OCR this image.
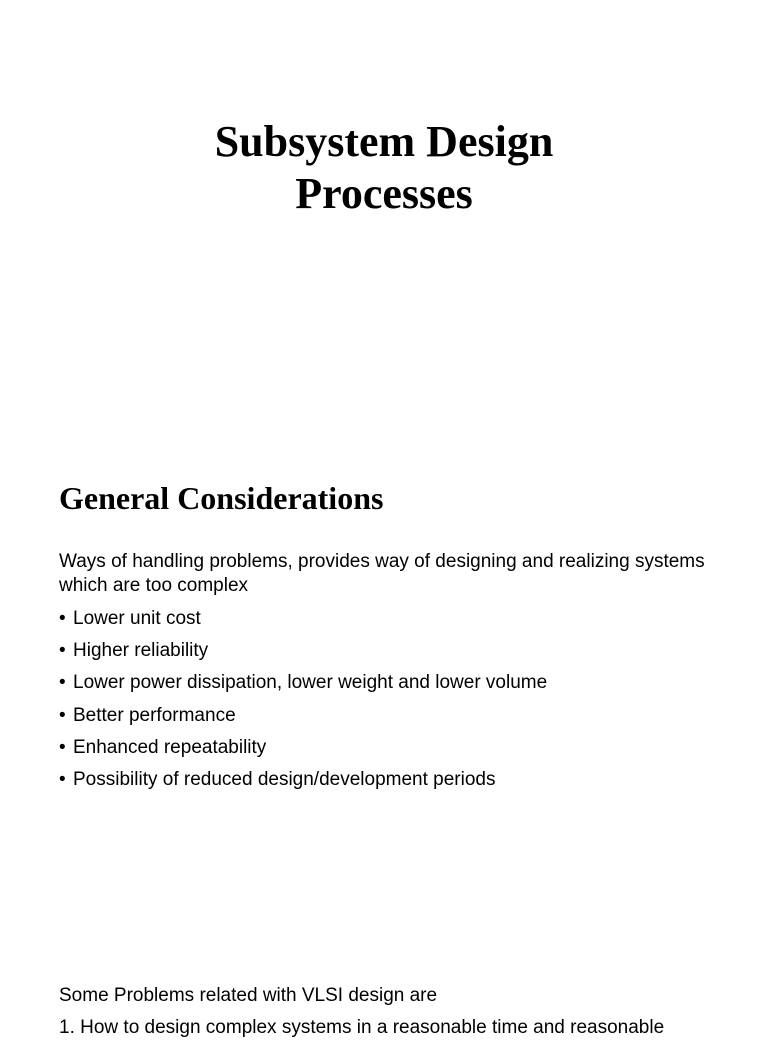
Subsystem Design
Processes
General Considerations

Ways of handling problems, provides way of designing and realizing systems which are too complex

• Lower unit cost
• Higher reliability
• Lower power dissipation, lower weight and lower volume
• Better performance
• Enhanced repeatability
• Possibility of reduced design/development periods

Some Problems related with VLSI design are

1. How to design complex systems in a reasonable time and reasonable
